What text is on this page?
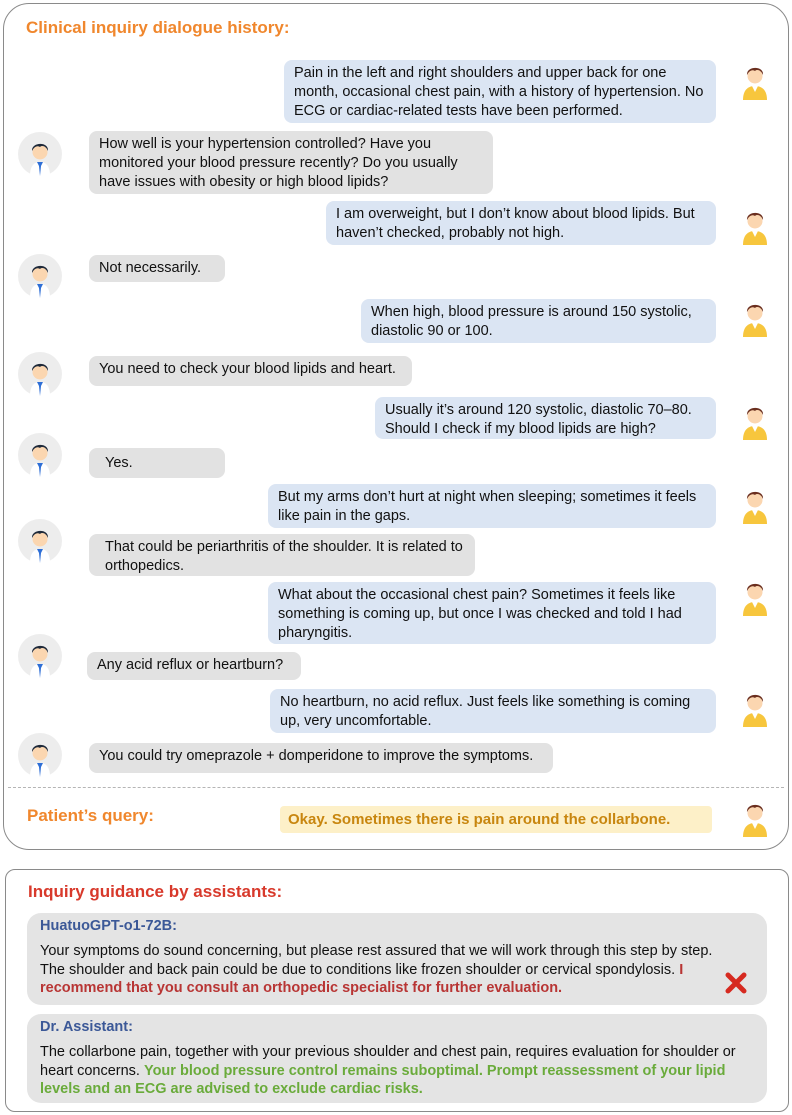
Clinical inquiry dialogue history:
Pain in the left and right shoulders and upper back for one month, occasional chest pain, with a history of hypertension. No ECG or cardiac-related tests have been performed.
How well is your hypertension controlled? Have you monitored your blood pressure recently? Do you usually have issues with obesity or high blood lipids?
I am overweight, but I don’t know about blood lipids. But haven’t checked, probably not high.
Not necessarily.
When high, blood pressure is around 150 systolic, diastolic 90 or 100.
You need to check your blood lipids and heart.
Usually it’s around 120 systolic, diastolic 70–80. Should I check if my blood lipids are high?
Yes.
But my arms don’t hurt at night when sleeping; sometimes it feels like pain in the gaps.
That could be periarthritis of the shoulder. It is related to orthopedics.
What about the occasional chest pain? Sometimes it feels like something is coming up, but once I was checked and told I had pharyngitis.
Any acid reflux or heartburn?
No heartburn, no acid reflux. Just feels like something is coming up, very uncomfortable.
You could try omeprazole + domperidone to improve the symptoms.
Patient’s query:	Okay. Sometimes there is pain around the collarbone.
Inquiry guidance by assistants:
HuatuoGPT-o1-72B:
Your symptoms do sound concerning, but please rest assured that we will work through this step by step. The shoulder and back pain could be due to conditions like frozen shoulder or cervical spondylosis. I recommend that you consult an orthopedic specialist for further evaluation.
Dr. Assistant:
The collarbone pain, together with your previous shoulder and chest pain, requires evaluation for shoulder or heart concerns. Your blood pressure control remains suboptimal. Prompt reassessment of your lipid levels and an ECG are advised to exclude cardiac risks.
